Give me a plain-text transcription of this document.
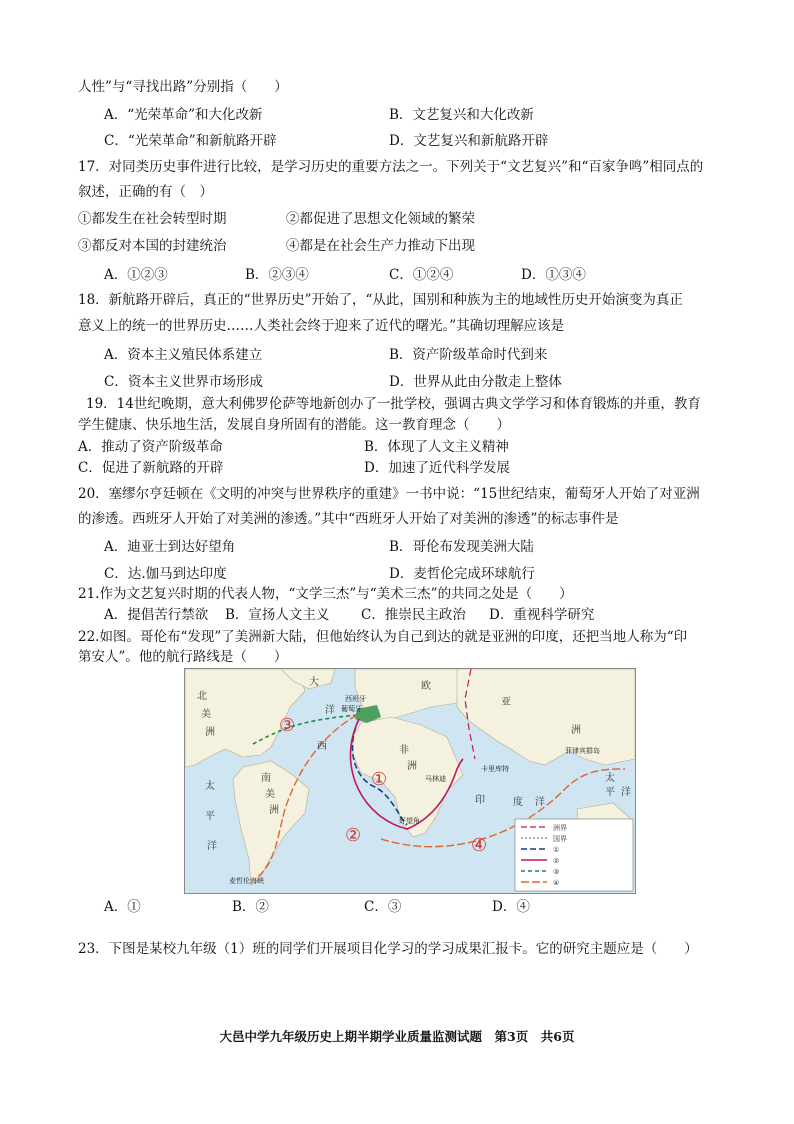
人性”与“寻找出路”分别指（　　）
A．“光荣革命”和大化改新	B．文艺复兴和大化改新
C．“光荣革命”和新航路开辟	D．文艺复兴和新航路开辟
17．对同类历史事件进行比较，是学习历史的重要方法之一。下列关于“文艺复兴”和“百家争鸣”相同点的
叙述，正确的有（　）
①都发生在社会转型时期	②都促进了思想文化领域的繁荣
③都反对本国的封建统治	④都是在社会生产力推动下出现
A．①②③	B．②③④	C．①②④	D．①③④
18．新航路开辟后，真正的“世界历史”开始了，“从此，国别和种族为主的地域性历史开始演变为真正
意义上的统一的世界历史……人类社会终于迎来了近代的曙光。”其确切理解应该是
A．资本主义殖民体系建立	B．资产阶级革命时代到来
C．资本主义世界市场形成	D．世界从此由分散走上整体
19．14世纪晚期，意大利佛罗伦萨等地新创办了一批学校，强调古典文学学习和体育锻炼的并重，教育
学生健康、快乐地生活，发展自身所固有的潜能。这一教育理念（　　）
A．推动了资产阶级革命	B．体现了人文主义精神
C．促进了新航路的开辟	D．加速了近代科学发展
20．塞缪尔亨廷顿在《文明的冲突与世界秩序的重建》一书中说：“15世纪结束，葡萄牙人开始了对亚洲
的渗透。西班牙人开始了对美洲的渗透。”其中“西班牙人开始了对美洲的渗透”的标志事件是
A．迪亚士到达好望角	B．哥伦布发现美洲大陆
C．达.伽马到达印度	D．麦哲伦完成环球航行
21.作为文艺复兴时期的代表人物，“文学三杰”与“美术三杰”的共同之处是（　　）
A．提倡苦行禁欲 B．宣扬人文主义 C．推崇民主政治 D．重视科学研究
22.如图。哥伦布“发现”了美洲新大陆，但他始终认为自己到达的就是亚洲的印度，还把当地人称为“印
第安人”。他的航行路线是（　　）
北
美
洲
大	欧
洋
西	非
洲
亚
洲
南
美
洲
太
平
洋
印	度 洋
太
平 洋
西班牙
葡萄牙
卡里库特
马林迪
好望角
菲律宾群岛
麦哲伦海峡
③
①
②	④
洲界
国界
①
②
③
④
A．①	B．②	C．③	D．④
23．下图是某校九年级（1）班的同学们开展项目化学习的学习成果汇报卡。它的研究主题应是（　　）
大邑中学九年级历史上期半期学业质量监测试题　第3页　共6页
